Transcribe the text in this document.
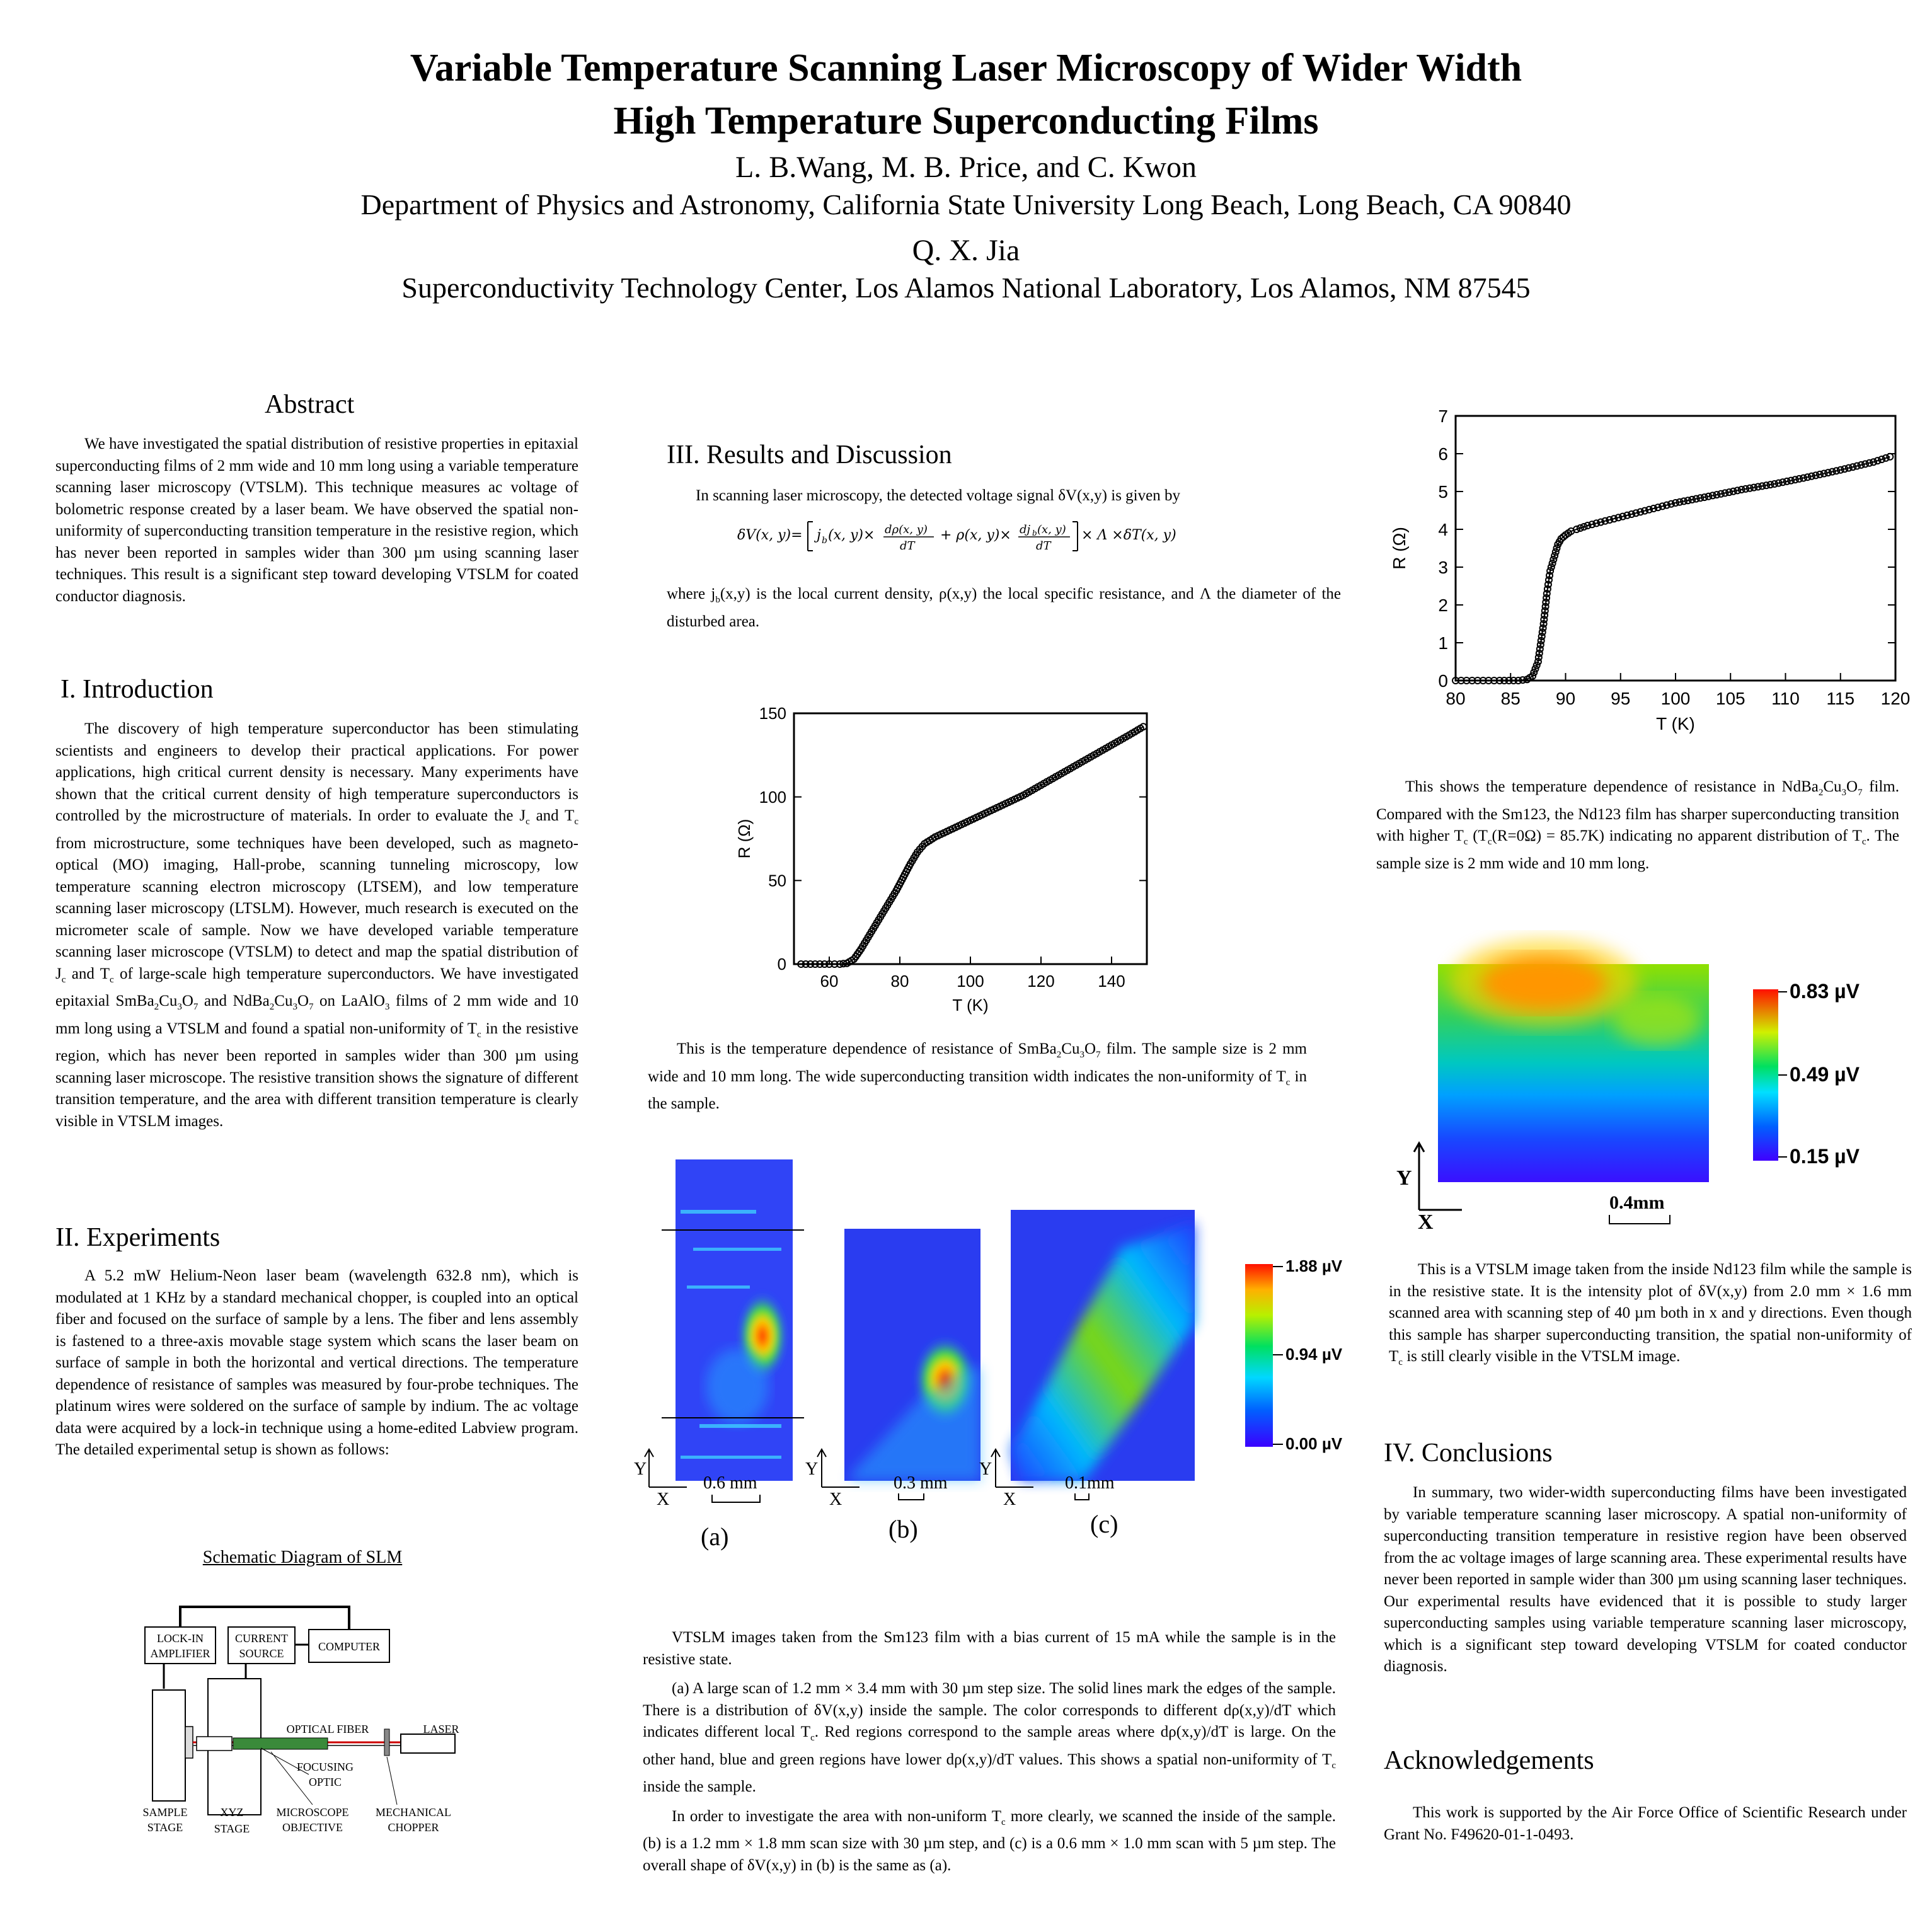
Variable Temperature Scanning Laser Microscopy of Wider Width
High Temperature Superconducting Films
L. B.Wang, M. B. Price, and C. Kwon
Department of Physics and Astronomy, California State University Long Beach, Long Beach, CA 90840
Q. X. Jia
Superconductivity Technology Center, Los Alamos National Laboratory, Los Alamos, NM 87545
Abstract

We have investigated the spatial distribution of resistive properties in epitaxial superconducting films of 2 mm wide and 10 mm long using a variable temperature scanning laser microscopy (VTSLM). This technique measures ac voltage of bolometric response created by a laser beam. We have observed the spatial non-uniformity of superconducting transition temperature in the resistive region, which has never been reported in samples wider than 300 µm using scanning laser techniques. This result is a significant step toward developing VTSLM for coated conductor diagnosis.

I. Introduction

The discovery of high temperature superconductor has been stimulating scientists and engineers to develop their practical applications. For power applications, high critical current density is necessary. Many experiments have shown that the critical current density of high temperature superconductors is controlled by the microstructure of materials. In order to evaluate the $J_c$ and $T_c$ from microstructure, some techniques have been developed, such as magneto-optical (MO) imaging, Hall-probe, scanning tunneling microscopy, low temperature scanning electron microscopy (LTSEM), and low temperature scanning laser microscopy (LTSLM). However, much research is executed on the micrometer scale of sample. Now we have developed variable temperature scanning laser microscope (VTSLM) to detect and map the spatial distribution of $J_c$ and $T_c$ of large-scale high temperature superconductors. We have investigated epitaxial $SmBa_2Cu_3O_7$ and $NdBa_2Cu_3O_7$ on LaAlO$_3$ films of 2 mm wide and 10 mm long using a VTSLM and found a spatial non-uniformity of $T_c$ in the resistive region, which has never been reported in samples wider than 300 µm using scanning laser microscope. The resistive transition shows the signature of different transition temperature, and the area with different transition temperature is clearly visible in VTSLM images.

II. Experiments

A 5.2 mW Helium-Neon laser beam (wavelength 632.8 nm), which is modulated at 1 KHz by a standard mechanical chopper, is coupled into an optical fiber and focused on the surface of sample by a lens. The fiber and lens assembly is fastened to a three-axis movable stage system which scans the laser beam on surface of sample in both the horizontal and vertical directions. The temperature dependence of resistance of samples was measured by four-probe techniques. The platinum wires were soldered on the surface of sample by indium. The ac voltage data were acquired by a lock-in technique using a home-edited Labview program. The detailed experimental setup is shown as follows:

Schematic Diagram of SLM
LOCK-IN
AMPLIFIER
CURRENT
SOURCE
COMPUTER
OPTICAL FIBER	LASER
FOCUSING
OPTIC
SAMPLE
STAGE
XYZ
STAGE
MICROSCOPE
OBJECTIVE
MECHANICAL
CHOPPER
III. Results and Discussion
In scanning laser microscopy, the detected voltage signal δV(x,y) is given by
δV(x, y)= j b (x, y)× dρ(x, y)
dT
+ ρ(x, y)× dj b (x, y)
dT
× Λ ×δT(x, y)
where $j_b(x,y)$ is the local current density, ρ(x,y) the local specific resistance, and Λ the diameter of the disturbed area.
60	80	100	120	140
0
50
100
150
T (K)
R (Ω)

This is the temperature dependence of resistance of $SmBa_2Cu_3O_7$ film. The sample size is 2 mm wide and 10 mm long. The wide superconducting transition width indicates the non-uniformity of $T_c$ in the sample.

1.88 µV
0.94 µV
0.00 µV
X
Y
0.6 mm
X
Y
0.3 mm
X
Y
0.1mm
(a)	(b)	(c)

VTSLM images taken from the Sm123 film with a bias current of 15 mA while the sample is in the resistive state.

(a) A large scan of 1.2 mm × 3.4 mm with 30 µm step size. The solid lines mark the edges of the sample. There is a distribution of δV(x,y) inside the sample. The color corresponds to different dρ(x,y)/dT which indicates different local $T_c$. Red regions correspond to the sample areas where dρ(x,y)/dT is large. On the other hand, blue and green regions have lower dρ(x,y)/dT values. This shows a spatial non-uniformity of $T_c$ inside the sample.

In order to investigate the area with non-uniform $T_c$ more clearly, we scanned the inside of the sample. (b) is a 1.2 mm × 1.8 mm scan size with 30 µm step, and (c) is a 0.6 mm × 1.0 mm scan with 5 µm step. The overall shape of δV(x,y) in (b) is the same as (a).

80 85 90 95 100 105 110 115 120
0
1
2
3
4
5
6
7
T (K)
R (Ω)

This shows the temperature dependence of resistance in $NdBa_2Cu_3O_7$ film. Compared with the Sm123, the Nd123 film has sharper superconducting transition with higher $T_c$ $(T_c(R=0\Omega) = 85.7K)$ indicating no apparent distribution of $T_c$. The sample size is 2 mm wide and 10 mm long.

0.83 µV
0.49 µV
0.15 µV
Y
X
0.4mm

This is a VTSLM image taken from the inside Nd123 film while the sample is in the resistive state. It is the intensity plot of δV(x,y) from 2.0 mm × 1.6 mm scanned area with scanning step of 40 µm both in x and y directions. Even though this sample has sharper superconducting transition, the spatial non-uniformity of $T_c$ is still clearly visible in the VTSLM image.

IV. Conclusions

In summary, two wider-width superconducting films have been investigated by variable temperature scanning laser microscopy. A spatial non-uniformity of superconducting transition temperature in resistive region have been observed from the ac voltage images of large scanning area. These experimental results have never been reported in sample wider than 300 µm using scanning laser techniques. Our experimental results have evidenced that it is possible to study larger superconducting samples using variable temperature scanning laser microscopy, which is a significant step toward developing VTSLM for coated conductor diagnosis.

Acknowledgements

This work is supported by the Air Force Office of Scientific Research under Grant No. F49620-01-1-0493.
